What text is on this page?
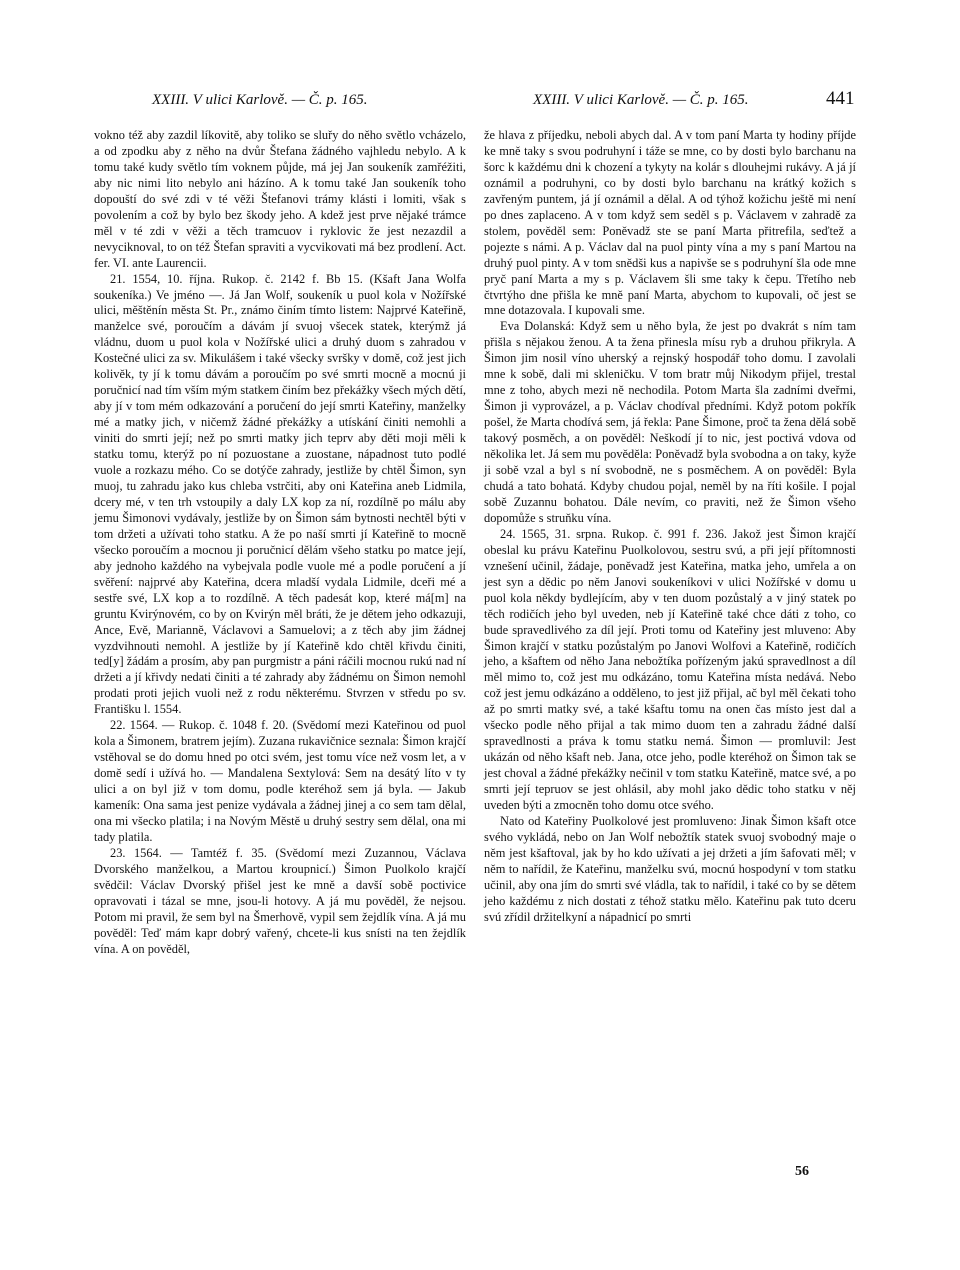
XXIII. V ulici Karlově. — Č. p. 165.	XXIII. V ulici Karlově. — Č. p. 165.	441

vokno též aby zazdil líkovitě, aby toliko se sluřy do něho světlo vcházelo, a od zpodku aby z něho na dvůr Štefana žádného vajhledu nebylo. A k tomu také kudy světlo tím voknem půjde, má jej Jan soukeník zamřéžiti, aby nic nimi lito nebylo ani házíno. A k tomu také Jan soukeník toho dopouští do své zdi v té věži Štefanovi trámy klásti i lomiti, však s povolením a což by bylo bez škody jeho. A kdež jest prve nějaké trámce měl v té zdi v věži a těch tramcuov i ryklovic že jest nezazdil a nevyciknoval, to on též Štefan spraviti a vycvikovati má bez prodlení. Act. fer. VI. ante Laurencii.

21. 1554, 10. října. Rukop. č. 2142 f. Bb 15. (Kšaft Jana Wolfa soukeníka.) Ve jméno —. Já Jan Wolf, soukeník u puol kola v Nožířské ulici, měštěnín města St. Pr., známo činím tímto listem: Najprvé Kateřině, manželce své, poroučím a dávám jí svuoj všecek statek, kterýmž já vládnu, duom u puol kola v Nožířské ulici a druhý duom s zahradou v Kostečné ulici za sv. Mikulášem i také všecky svršky v domě, což jest jich kolivěk, ty jí k tomu dávám a poroučím po své smrti mocně a mocnú ji poručnicí nad tím vším mým statkem činím bez překážky všech mých dětí, aby jí v tom mém odkazování a poručení do její smrti Kateřiny, manželky mé a matky jich, v ničemž žádné překážky a utískání činiti nemohli a viniti do smrti její; než po smrti matky jich teprv aby děti moji měli k statku tomu, kterýž po ní pozuostane a zuostane, nápadnost tuto podlé vuole a rozkazu mého. Co se dotýče zahrady, jestliže by chtěl Šimon, syn muoj, tu zahradu jako kus chleba vstrčiti, aby oni Kateřina aneb Lidmila, dcery mé, v ten trh vstoupily a daly LX kop za ní, rozdílně po málu aby jemu Šimonovi vydávaly, jestliže by on Šimon sám bytnosti nechtěl býti v tom držeti a užívati toho statku. A že po naší smrti jí Kateřině to mocně všecko poroučím a mocnou ji poručnicí dělám všeho statku po matce její, aby jednoho každého na vybejvala podle vuole mé a podle poručení a jí svěření: najprvé aby Kateřina, dcera mladší vydala Lidmile, dceři mé a sestře své, LX kop a to rozdílně. A těch padesát kop, které má[m] na gruntu Kvirýnovém, co by on Kvirýn měl bráti, že je dětem jeho odkazuji, Ance, Evě, Mariannĕ, Václavovi a Samuelovi; a z těch aby jim žádnej vyzdvihnouti nemohl. A jestliže by jí Kateřině kdo chtěl křivdu činiti, ted[y] žádám a prosím, aby pan purgmistr a páni ráčili mocnou rukú nad ní držeti a jí křivdy nedati činiti a té zahrady aby žádnému on Šimon nemohl prodati proti jejich vuoli než z rodu některému. Stvrzen v středu po sv. Františku l. 1554.

22. 1564. — Rukop. č. 1048 f. 20. (Svědomí mezi Kateřinou od puol kola a Šimonem, bratrem jejím). Zuzana rukavičnice seznala: Šimon krajčí vstěhoval se do domu hned po otci svém, jest tomu více než vosm let, a v domě sedí i užívá ho. — Mandalena Sextylová: Sem na desátý líto v ty ulici a on byl již v tom domu, podle kteréhož sem já byla. — Jakub kameník: Ona sama jest penize vydávala a žádnej jinej a co sem tam dělal, ona mi všecko platila; i na Novým Městě u druhý sestry sem dělal, ona mi tady platila.

23. 1564. — Tamtéž f. 35. (Svědomí mezi Zuzannou, Václava Dvorského manželkou, a Martou kroupnicí.) Šimon Puolkolo krajčí svědčil: Václav Dvorský přišel jest ke mně a davší sobě poctivice opravovati i tázal se mne, jsou-li hotovy. A já mu pověděl, že nejsou. Potom mi pravil, že sem byl na Šmerhově, vypil sem žejdlík vína. A já mu pověděl: Teď mám kapr dobrý vařený, chcete-li kus snísti na ten žejdlík vína. A on pověděl,

že hlava z příjedku, neboli abych dal. A v tom paní Marta ty hodiny příjde ke mně taky s svou podruhyní i táže se mne, co by dosti bylo barchanu na šorc k každému dni k chození a tykyty na kolár s dlouhejmi rukávy. A já jí oznámil a podruhyni, co by dosti bylo barchanu na krátký kožich s zavřeným puntem, já jí oznámil a dělal. A od týhož kožichu ještě mi není po dnes zaplaceno. A v tom když sem seděl s p. Václavem v zahradě za stolem, pověděl sem: Poněvadž ste se paní Marta přitrefila, seďtež a pojezte s námi. A p. Václav dal na puol pinty vína a my s paní Martou na druhý puol pinty. A v tom snědši kus a napivše se s podruhyní šla ode mne pryč paní Marta a my s p. Václavem šli sme taky k čepu. Třetího neb čtvrtýho dne přišla ke mně paní Marta, abychom to kupovali, oč jest se mne dotazovala. I kupovali sme.

Eva Dolanská: Když sem u něho byla, že jest po dvakrát s ním tam přišla s nějakou ženou. A ta žena přinesla mísu ryb a druhou přikryla. A Šimon jim nosil víno uherský a rejnský hospodář toho domu. I zavolali mne k sobě, dali mi skleničku. V tom bratr můj Nikodym přijel, trestal mne z toho, abych mezi ně nechodila. Potom Marta šla zadními dveřmi, Šimon ji vyprovázel, a p. Václav chodíval předními. Když potom pokřík pošel, že Marta chodívá sem, já řekla: Pane Šimone, proč ta žena dělá sobě takový posměch, a on pověděl: Neškodí jí to nic, jest poctivá vdova od několika let. Já sem mu pověděla: Poněvadž byla svobodna a on taky, kyže ji sobě vzal a byl s ní svobodně, ne s posměchem. A on pověděl: Byla chudá a tato bohatá. Kdyby chudou pojal, neměl by na říti košile. I pojal sobě Zuzannu bohatou. Dále nevím, co praviti, než že Šimon všeho dopomůže s struňku vína.

24. 1565, 31. srpna. Rukop. č. 991 f. 236. Jakož jest Šimon krajčí obeslal ku právu Kateřinu Puolkolovou, sestru svú, a při její přítomnosti vznešení učinil, žádaje, poněvadž jest Kateřina, matka jeho, umřela a on jest syn a dědic po něm Janovi soukeníkovi v ulici Nožířské v domu u puol kola někdy bydlejícím, aby v ten duom pozůstalý a v jiný statek po těch rodičích jeho byl uveden, neb jí Kateřině také chce dáti z toho, co bude spravedlivého za díl její. Proti tomu od Kateřiny jest mluveno: Aby Šimon krajčí v statku pozůstalým po Janovi Wolfovi a Kateřině, rodičích jeho, a kšaftem od něho Jana nebožtíka pořízeným jakú spravedlnost a díl měl mimo to, což jest mu odkázáno, tomu Kateřina místa nedává. Nebo což jest jemu odkázáno a odděleno, to jest již přijal, ač byl měl čekati toho až po smrti matky své, a také kšaftu tomu na onen čas místo jest dal a všecko podle něho přijal a tak mimo duom ten a zahradu žádné další spravedlnosti a práva k tomu statku nemá. Šimon — promluvil: Jest ukázán od něho kšaft neb. Jana, otce jeho, podle kteréhož on Šimon tak se jest choval a žádné překážky nečinil v tom statku Kateřině, matce své, a po smrti její tepruov se jest ohlásil, aby mohl jako dědic toho statku v něj uveden býti a zmocněn toho domu otce svého.

Nato od Kateřiny Puolkolové jest promluveno: Jinak Šimon kšaft otce svého vykládá, nebo on Jan Wolf nebožtík statek svuoj svobodný maje o něm jest kšaftoval, jak by ho kdo užívati a jej držeti a jím šafovati měl; v něm to nařídil, že Kateřinu, manželku svú, mocnú hospodyní v tom statku učinil, aby ona jím do smrti své vládla, tak to nařídil, i také co by se dětem jeho každému z nich dostati z téhož statku mělo. Kateřinu pak tuto dceru svú zřídil držitelkyní a nápadnicí po smrti

56
